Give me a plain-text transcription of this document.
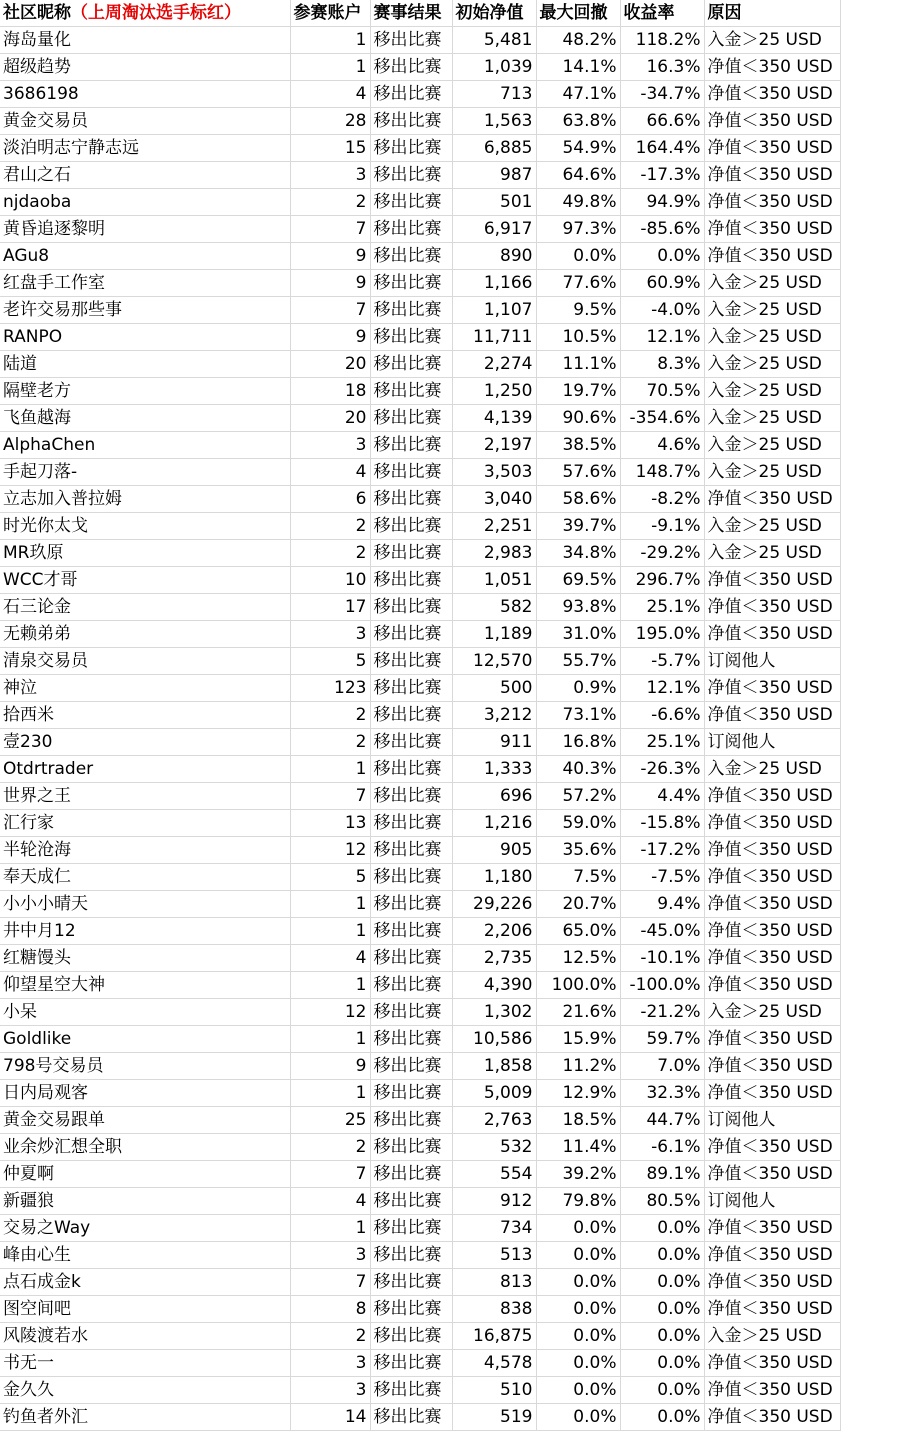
社区昵称（上周淘汰选手标红）	参赛账户	赛事结果	初始净值	最大回撤	收益率	原因
海岛量化	1	移出比赛	5,481	48.2%	118.2%	入金＞25 USD
超级趋势	1	移出比赛	1,039	14.1%	16.3%	净值＜350 USD
3686198	4	移出比赛	713	47.1%	-34.7%	净值＜350 USD
黄金交易员	28	移出比赛	1,563	63.8%	66.6%	净值＜350 USD
淡泊明志宁静志远	15	移出比赛	6,885	54.9%	164.4%	净值＜350 USD
君山之石	3	移出比赛	987	64.6%	-17.3%	净值＜350 USD
njdaoba	2	移出比赛	501	49.8%	94.9%	净值＜350 USD
黄昏追逐黎明	7	移出比赛	6,917	97.3%	-85.6%	净值＜350 USD
AGu8	9	移出比赛	890	0.0%	0.0%	净值＜350 USD
红盘手工作室	9	移出比赛	1,166	77.6%	60.9%	入金＞25 USD
老许交易那些事	7	移出比赛	1,107	9.5%	-4.0%	入金＞25 USD
RANPO	9	移出比赛	11,711	10.5%	12.1%	入金＞25 USD
陆道	20	移出比赛	2,274	11.1%	8.3%	入金＞25 USD
隔壁老方	18	移出比赛	1,250	19.7%	70.5%	入金＞25 USD
飞鱼越海	20	移出比赛	4,139	90.6%	-354.6%	入金＞25 USD
AlphaChen	3	移出比赛	2,197	38.5%	4.6%	入金＞25 USD
手起刀落-	4	移出比赛	3,503	57.6%	148.7%	入金＞25 USD
立志加入普拉姆	6	移出比赛	3,040	58.6%	-8.2%	净值＜350 USD
时光你太戈	2	移出比赛	2,251	39.7%	-9.1%	入金＞25 USD
MR玖原	2	移出比赛	2,983	34.8%	-29.2%	入金＞25 USD
WCC才哥	10	移出比赛	1,051	69.5%	296.7%	净值＜350 USD
石三论金	17	移出比赛	582	93.8%	25.1%	净值＜350 USD
无赖弟弟	3	移出比赛	1,189	31.0%	195.0%	净值＜350 USD
清泉交易员	5	移出比赛	12,570	55.7%	-5.7%	订阅他人
神泣	123	移出比赛	500	0.9%	12.1%	净值＜350 USD
拾西米	2	移出比赛	3,212	73.1%	-6.6%	净值＜350 USD
壹230	2	移出比赛	911	16.8%	25.1%	订阅他人
Otdrtrader	1	移出比赛	1,333	40.3%	-26.3%	入金＞25 USD
世界之王	7	移出比赛	696	57.2%	4.4%	净值＜350 USD
汇行家	13	移出比赛	1,216	59.0%	-15.8%	净值＜350 USD
半轮沧海	12	移出比赛	905	35.6%	-17.2%	净值＜350 USD
奉天成仁	5	移出比赛	1,180	7.5%	-7.5%	净值＜350 USD
小小小晴天	1	移出比赛	29,226	20.7%	9.4%	净值＜350 USD
井中月12	1	移出比赛	2,206	65.0%	-45.0%	净值＜350 USD
红糖馒头	4	移出比赛	2,735	12.5%	-10.1%	净值＜350 USD
仰望星空大神	1	移出比赛	4,390	100.0%	-100.0%	净值＜350 USD
小呆	12	移出比赛	1,302	21.6%	-21.2%	入金＞25 USD
Goldlike	1	移出比赛	10,586	15.9%	59.7%	净值＜350 USD
798号交易员	9	移出比赛	1,858	11.2%	7.0%	净值＜350 USD
日内局观客	1	移出比赛	5,009	12.9%	32.3%	净值＜350 USD
黄金交易跟单	25	移出比赛	2,763	18.5%	44.7%	订阅他人
业余炒汇想全职	2	移出比赛	532	11.4%	-6.1%	净值＜350 USD
仲夏啊	7	移出比赛	554	39.2%	89.1%	净值＜350 USD
新疆狼	4	移出比赛	912	79.8%	80.5%	订阅他人
交易之Way	1	移出比赛	734	0.0%	0.0%	净值＜350 USD
峰由心生	3	移出比赛	513	0.0%	0.0%	净值＜350 USD
点石成金k	7	移出比赛	813	0.0%	0.0%	净值＜350 USD
图空间吧	8	移出比赛	838	0.0%	0.0%	净值＜350 USD
风陵渡若水	2	移出比赛	16,875	0.0%	0.0%	入金＞25 USD
书无一	3	移出比赛	4,578	0.0%	0.0%	净值＜350 USD
金久久	3	移出比赛	510	0.0%	0.0%	净值＜350 USD
钓鱼者外汇	14	移出比赛	519	0.0%	0.0%	净值＜350 USD
